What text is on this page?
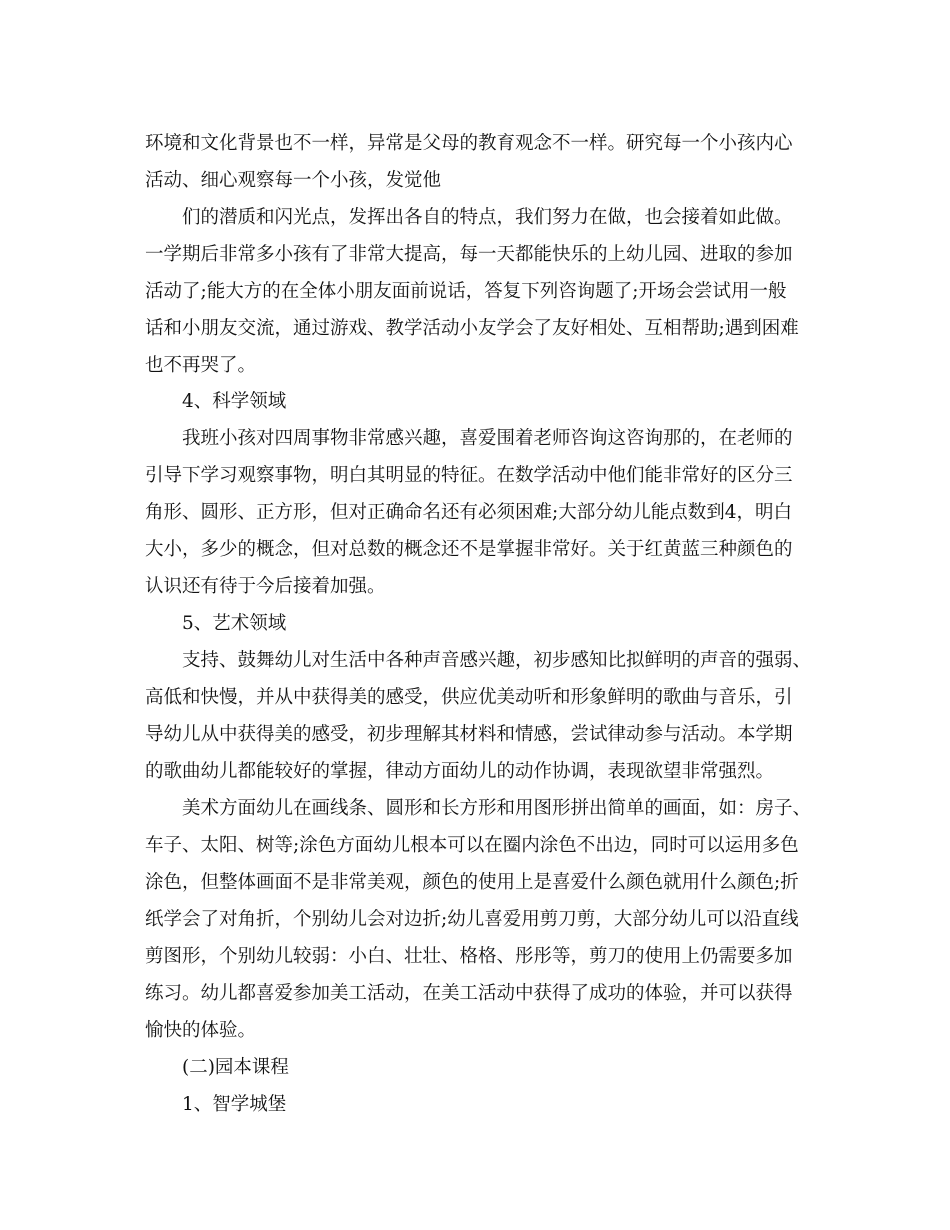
环境和文化背景也不一样，异常是父母的教育观念不一样。研究每一个小孩内心
活动、细心观察每一个小孩，发觉他
们的潜质和闪光点，发挥出各自的特点，我们努力在做，也会接着如此做。
一学期后非常多小孩有了非常大提高，每一天都能快乐的上幼儿园、进取的参加
活动了;能大方的在全体小朋友面前说话，答复下列咨询题了;开场会尝试用一般
话和小朋友交流，通过游戏、教学活动小友学会了友好相处、互相帮助;遇到困难
也不再哭了。
4、科学领域
我班小孩对四周事物非常感兴趣，喜爱围着老师咨询这咨询那的，在老师的
引导下学习观察事物，明白其明显的特征。在数学活动中他们能非常好的区分三
角形、圆形、正方形，但对正确命名还有必须困难;大部分幼儿能点数到4，明白
大小，多少的概念，但对总数的概念还不是掌握非常好。关于红黄蓝三种颜色的
认识还有待于今后接着加强。
5、艺术领域
支持、鼓舞幼儿对生活中各种声音感兴趣，初步感知比拟鲜明的声音的强弱、
高低和快慢，并从中获得美的感受，供应优美动听和形象鲜明的歌曲与音乐，引
导幼儿从中获得美的感受，初步理解其材料和情感，尝试律动参与活动。本学期
的歌曲幼儿都能较好的掌握，律动方面幼儿的动作协调，表现欲望非常强烈。
美术方面幼儿在画线条、圆形和长方形和用图形拼出简单的画面，如：房子、
车子、太阳、树等;涂色方面幼儿根本可以在圈内涂色不出边，同时可以运用多色
涂色，但整体画面不是非常美观，颜色的使用上是喜爱什么颜色就用什么颜色;折
纸学会了对角折，个别幼儿会对边折;幼儿喜爱用剪刀剪，大部分幼儿可以沿直线
剪图形，个别幼儿较弱：小白、壮壮、格格、彤彤等，剪刀的使用上仍需要多加
练习。幼儿都喜爱参加美工活动，在美工活动中获得了成功的体验，并可以获得
愉快的体验。
(二)园本课程
1、智学城堡
